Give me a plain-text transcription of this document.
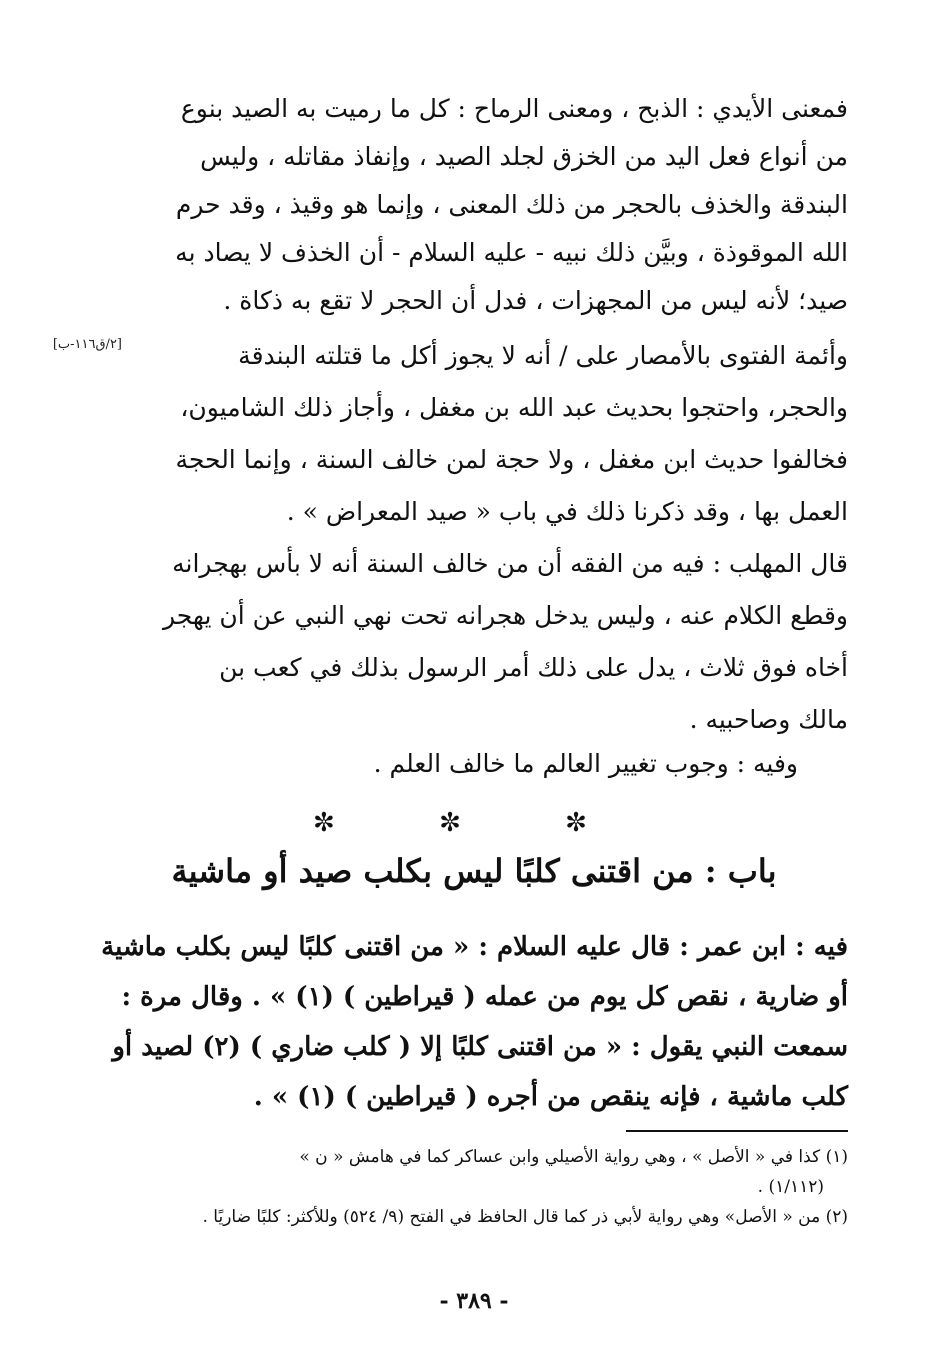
فمعنى الأيدي : الذبح ، ومعنى الرماح : كل ما رميت به الصيد بنوع
من أنواع فعل اليد من الخزق لجلد الصيد ، وإنفاذ مقاتله ، وليس
البندقة والخذف بالحجر من ذلك المعنى ، وإنما هو وقيذ ، وقد حرم
الله الموقوذة ، وبيَّن ذلك نبيه - عليه السلام - أن الخذف لا يصاد به
صيد؛ لأنه ليس من المجهزات ، فدل أن الحجر لا تقع به ذكاة .
[٢/ق١١٦-ب]	وأئمة الفتوى بالأمصار على / أنه لا يجوز أكل ما قتلته البندقة
والحجر، واحتجوا بحديث عبد الله بن مغفل ، وأجاز ذلك الشاميون،
فخالفوا حديث ابن مغفل ، ولا حجة لمن خالف السنة ، وإنما الحجة
العمل بها ، وقد ذكرنا ذلك في باب « صيد المعراض » .
قال المهلب : فيه من الفقه أن من خالف السنة أنه لا بأس بهجرانه
وقطع الكلام عنه ، وليس يدخل هجرانه تحت نهي النبي عن أن يهجر
أخاه فوق ثلاث ، يدل على ذلك أمر الرسول بذلك في كعب بن
مالك وصاحبيه .
وفيه : وجوب تغيير العالم ما خالف العلم .
✼ ✼ ✼
باب : من اقتنى كلبًا ليس بكلب صيد أو ماشية
فيه : ابن عمر : قال عليه السلام : « من اقتنى كلبًا ليس بكلب ماشية
أو ضارية ، نقص كل يوم من عمله ( قيراطين ) (١) » . وقال مرة :
سمعت النبي يقول : « من اقتنى كلبًا إلا ( كلب ضاري ) (٢) لصيد أو
كلب ماشية ، فإنه ينقص من أجره ( قيراطين ) (١) » .
(١) كذا في « الأصل » ، وهي رواية الأصيلي وابن عساكر كما في هامش « ن »
(١/١١٢) .
(٢) من « الأصل» وهي رواية لأبي ذر كما قال الحافظ في الفتح (٩/ ٥٢٤) وللأكثر: كلبًا ضاريًا .
- ٣٨٩ -
